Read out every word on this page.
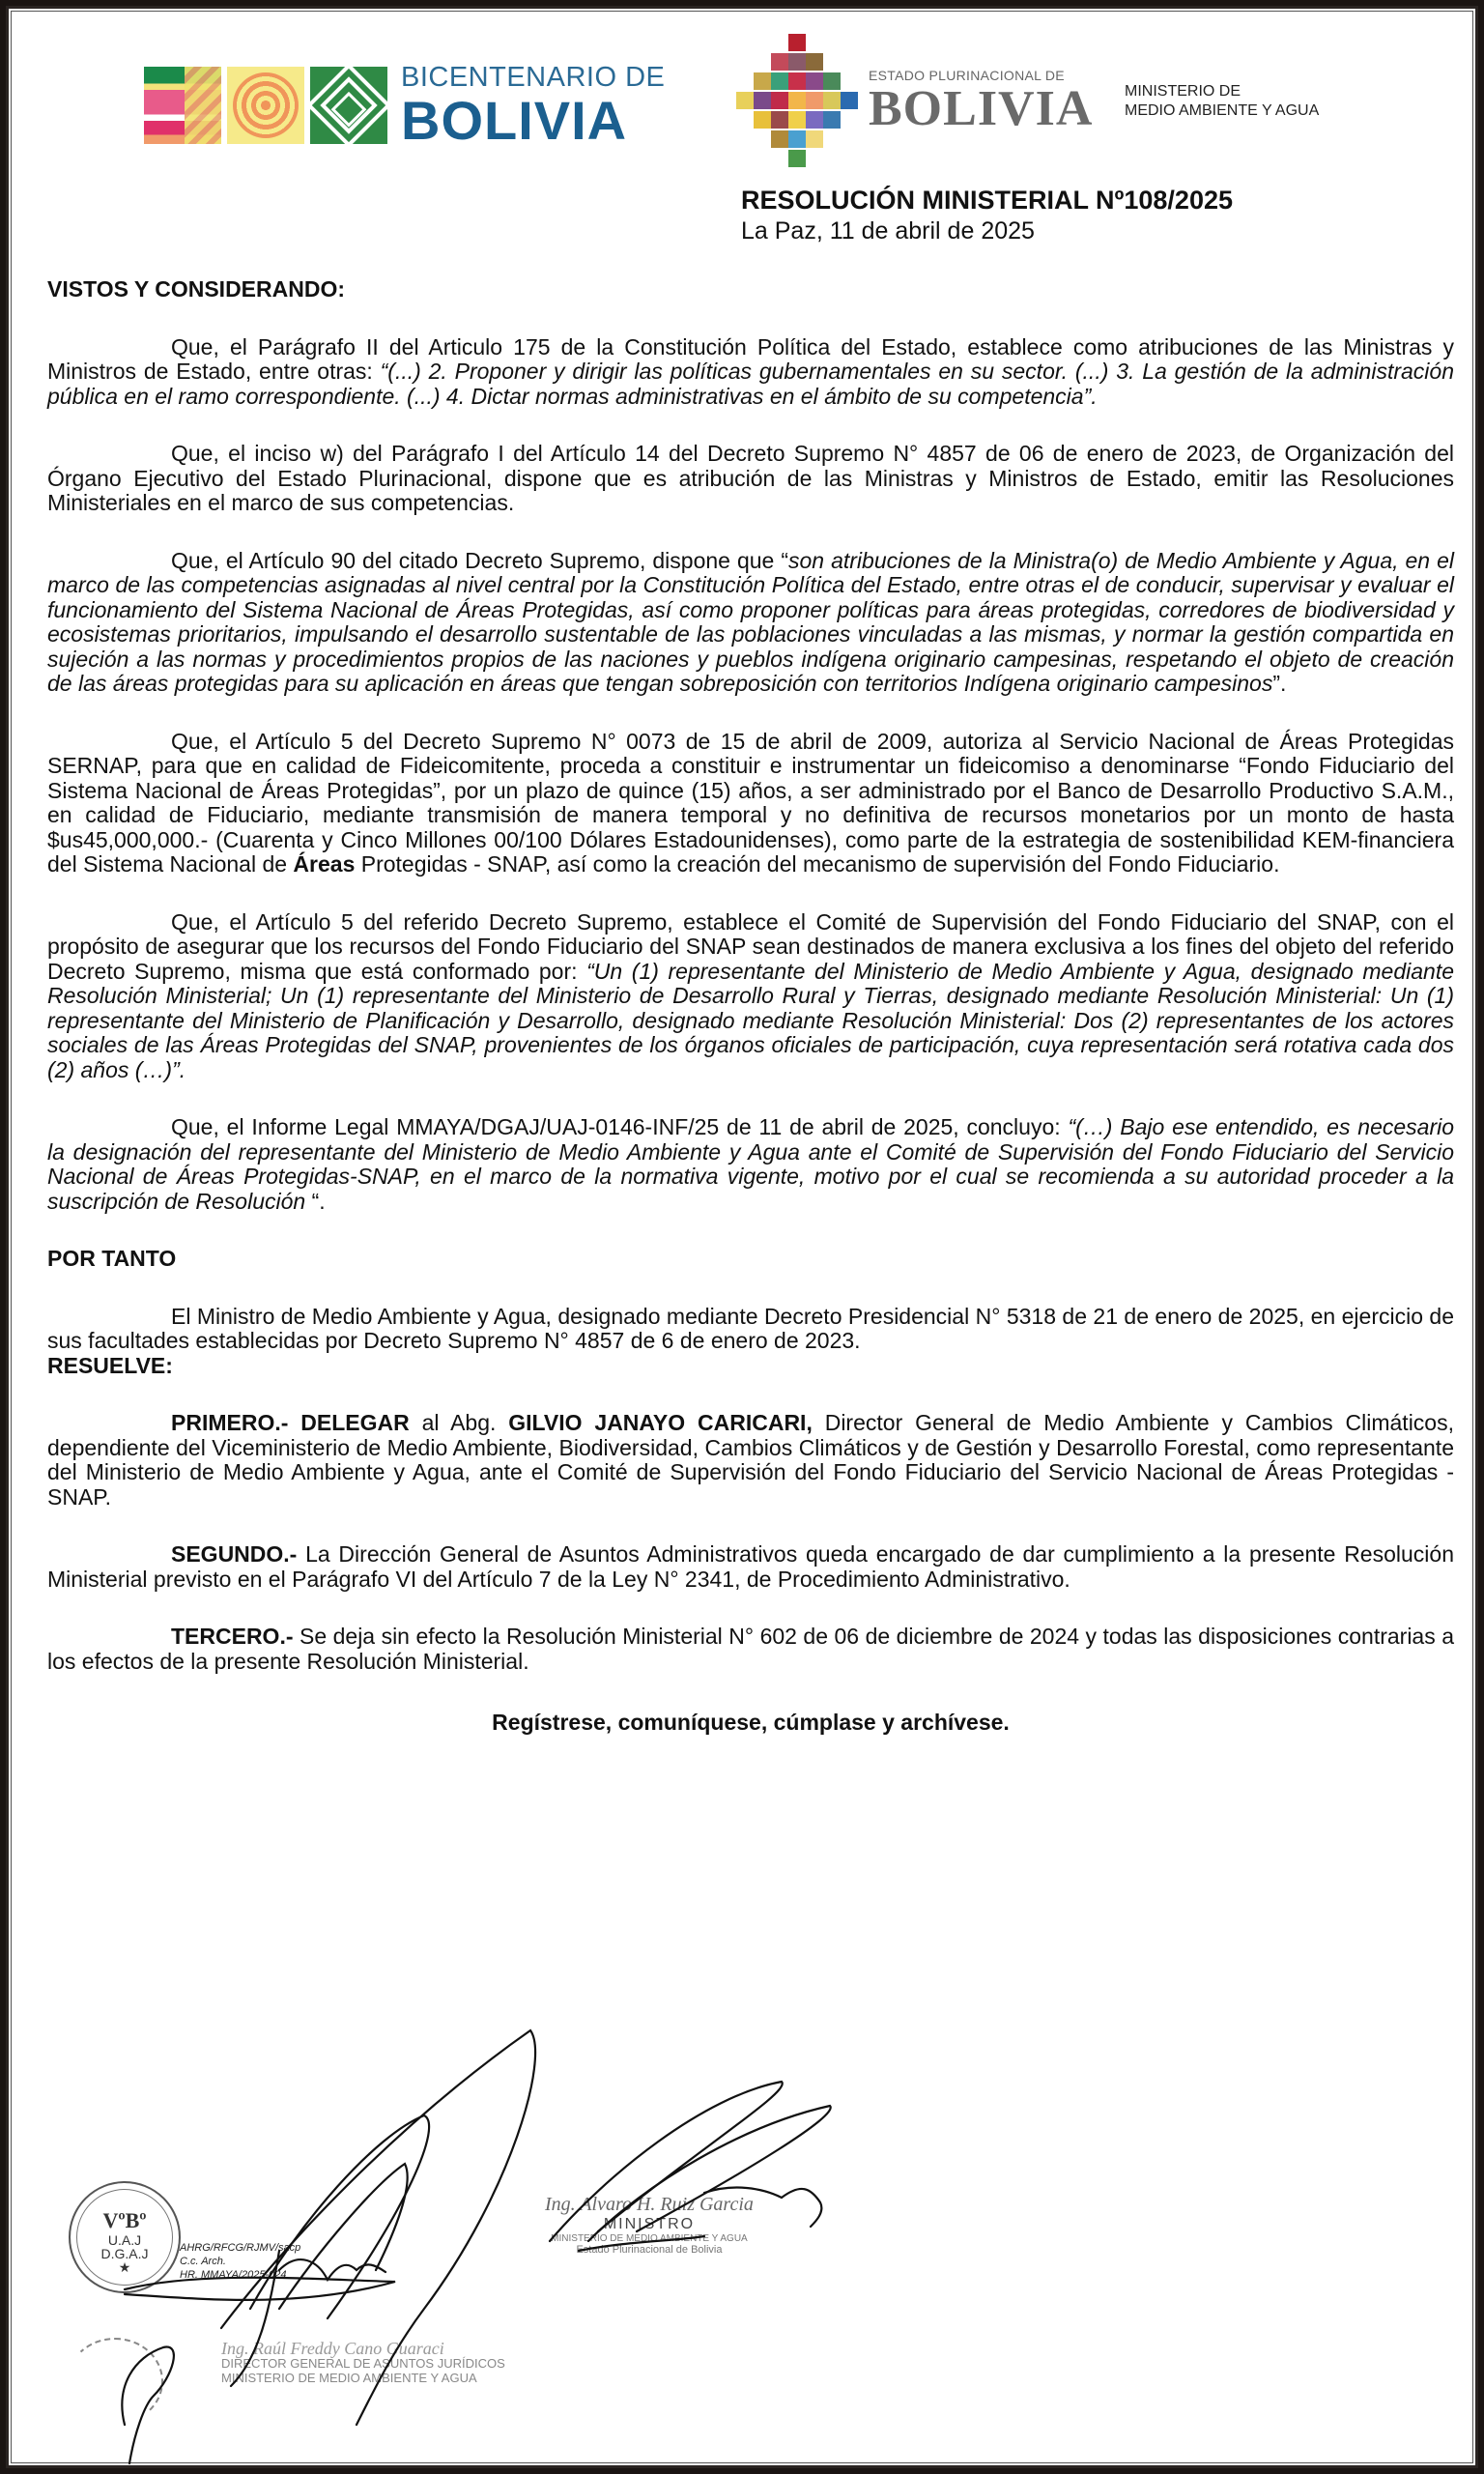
BICENTENARIO DE
BOLIVIA
ESTADO PLURINACIONAL DE
BOLIVIA MINISTERIO DE
MEDIO AMBIENTE Y AGUA
RESOLUCIÓN MINISTERIAL Nº108/2025
La Paz, 11 de abril de 2025
VISTOS Y CONSIDERANDO:

Que, el Parágrafo II del Articulo 175 de la Constitución Política del Estado, establece como atribuciones de las Ministras y Ministros de Estado, entre otras: “(...) 2. Proponer y dirigir las políticas gubernamentales en su sector. (...) 3. La gestión de la administración pública en el ramo correspondiente. (...) 4. Dictar normas administrativas en el ámbito de su competencia”.

Que, el inciso w) del Parágrafo I del Artículo 14 del Decreto Supremo N° 4857 de 06 de enero de 2023, de Organización del Órgano Ejecutivo del Estado Plurinacional, dispone que es atribución de las Ministras y Ministros de Estado, emitir las Resoluciones Ministeriales en el marco de sus competencias.

Que, el Artículo 90 del citado Decreto Supremo, dispone que “son atribuciones de la Ministra(o) de Medio Ambiente y Agua, en el marco de las competencias asignadas al nivel central por la Constitución Política del Estado, entre otras el de conducir, supervisar y evaluar el funcionamiento del Sistema Nacional de Áreas Protegidas, así como proponer políticas para áreas protegidas, corredores de biodiversidad y ecosistemas prioritarios, impulsando el desarrollo sustentable de las poblaciones vinculadas a las mismas, y normar la gestión compartida en sujeción a las normas y procedimientos propios de las naciones y pueblos indígena originario campesinas, respetando el objeto de creación de las áreas protegidas para su aplicación en áreas que tengan sobreposición con territorios Indígena originario campesinos”.

Que, el Artículo 5 del Decreto Supremo N° 0073 de 15 de abril de 2009, autoriza al Servicio Nacional de Áreas Protegidas SERNAP, para que en calidad de Fideicomitente, proceda a constituir e instrumentar un fideicomiso a denominarse “Fondo Fiduciario del Sistema Nacional de Áreas Protegidas”, por un plazo de quince (15) años, a ser administrado por el Banco de Desarrollo Productivo S.A.M., en calidad de Fiduciario, mediante transmisión de manera temporal y no definitiva de recursos monetarios por un monto de hasta $us45,000,000.- (Cuarenta y Cinco Millones 00/100 Dólares Estadounidenses), como parte de la estrategia de sostenibilidad KEM-financiera del Sistema Nacional de Áreas Protegidas - SNAP, así como la creación del mecanismo de supervisión del Fondo Fiduciario.

Que, el Artículo 5 del referido Decreto Supremo, establece el Comité de Supervisión del Fondo Fiduciario del SNAP, con el propósito de asegurar que los recursos del Fondo Fiduciario del SNAP sean destinados de manera exclusiva a los fines del objeto del referido Decreto Supremo, misma que está conformado por: “Un (1) representante del Ministerio de Medio Ambiente y Agua, designado mediante Resolución Ministerial; Un (1) representante del Ministerio de Desarrollo Rural y Tierras, designado mediante Resolución Ministerial: Un (1) representante del Ministerio de Planificación y Desarrollo, designado mediante Resolución Ministerial: Dos (2) representantes de los actores sociales de las Áreas Protegidas del SNAP, provenientes de los órganos oficiales de participación, cuya representación será rotativa cada dos (2) años (…)”.

Que, el Informe Legal MMAYA/DGAJ/UAJ-0146-INF/25 de 11 de abril de 2025, concluyo: “(…) Bajo ese entendido, es necesario la designación del representante del Ministerio de Medio Ambiente y Agua ante el Comité de Supervisión del Fondo Fiduciario del Servicio Nacional de Áreas Protegidas-SNAP, en el marco de la normativa vigente, motivo por el cual se recomienda a su autoridad proceder a la suscripción de Resolución “.

POR TANTO

El Ministro de Medio Ambiente y Agua, designado mediante Decreto Presidencial N° 5318 de 21 de enero de 2025, en ejercicio de sus facultades establecidas por Decreto Supremo N° 4857 de 6 de enero de 2023.

RESUELVE:

PRIMERO.- DELEGAR al Abg. GILVIO JANAYO CARICARI, Director General de Medio Ambiente y Cambios Climáticos, dependiente del Viceministerio de Medio Ambiente, Biodiversidad, Cambios Climáticos y de Gestión y Desarrollo Forestal, como representante del Ministerio de Medio Ambiente y Agua, ante el Comité de Supervisión del Fondo Fiduciario del Servicio Nacional de Áreas Protegidas - SNAP.

SEGUNDO.- La Dirección General de Asuntos Administrativos queda encargado de dar cumplimiento a la presente Resolución Ministerial previsto en el Parágrafo VI del Artículo 7 de la Ley N° 2341, de Procedimiento Administrativo.

TERCERO.- Se deja sin efecto la Resolución Ministerial N° 602 de 06 de diciembre de 2024 y todas las disposiciones contrarias a los efectos de la presente Resolución Ministerial.

Regístrese, comuníquese, cúmplase y archívese.

VºBº
U.A.J
D.G.A.J
★
AHRG/RFCG/RJMV/sacp
C.c. Arch.
HR. MMAYA/2025-024
Ing. Raúl Freddy Cano Guaraci
DIRECTOR GENERAL DE ASUNTOS JURÍDICOS
MINISTERIO DE MEDIO AMBIENTE Y AGUA
Ing. Alvaro H. Ruiz Garcia
MINISTRO
MINISTERIO DE MEDIO AMBIENTE Y AGUA
Estado Plurinacional de Bolivia
